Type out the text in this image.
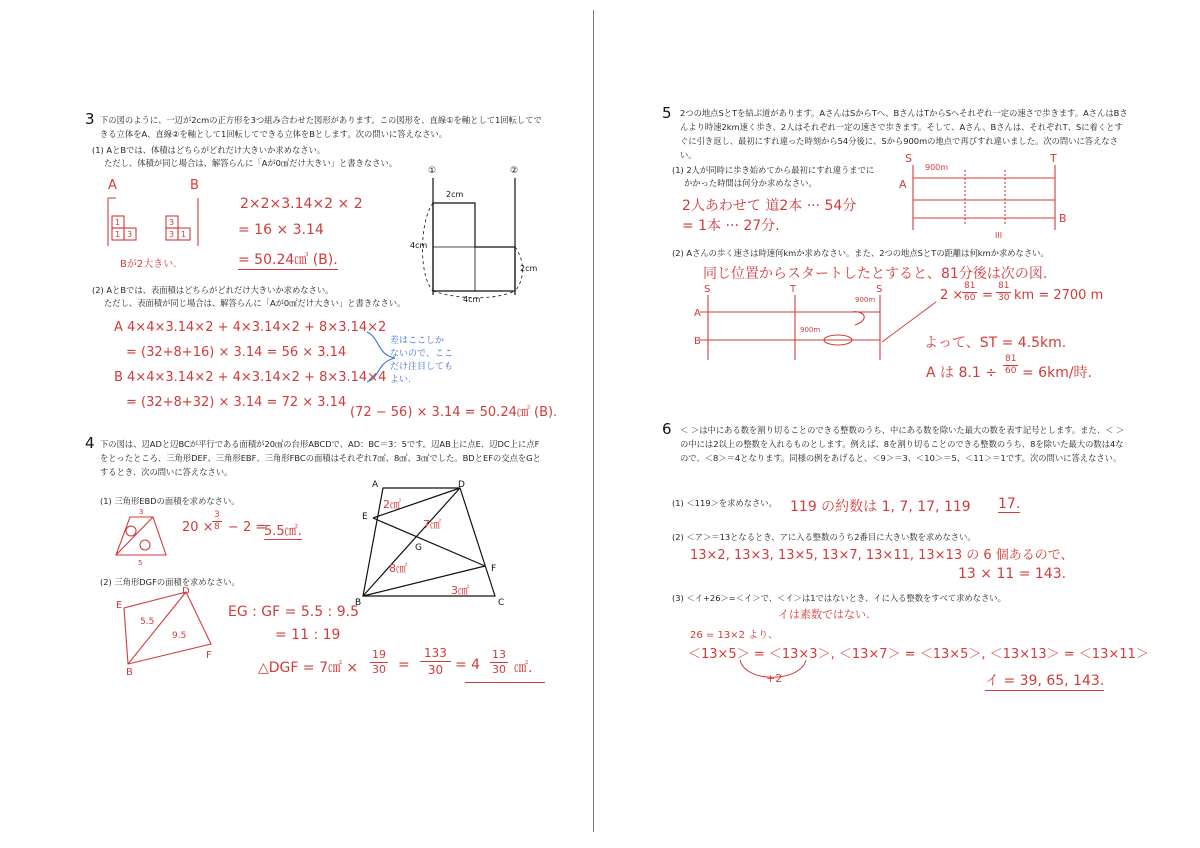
3 下の図のように、一辺が2cmの正方形を3つ組み合わせた図形があります。この図形を、直線①を軸として1回転してできる立体をA、直線②を軸として1回転してできる立体をBとします。次の問いに答えなさい。
(1) AとBでは、体積はどちらがどれだけ大きいか求めなさい。
ただし、体積が同じ場合は、解答らんに「Aが0㎤だけ大きい」と書きなさい。
A	B
1
1 3
3
3 1
Bが2大きい.
2×2×3.14×2 × 2
= 16 × 3.14
= 50.24㎤ (B).
①	②
2cm
4cm
2cm
4cm
(2) AとBでは、表面積はどちらがどれだけ大きいか求めなさい。
ただし、表面積が同じ場合は、解答らんに「Aが0㎠だけ大きい」と書きなさい。
A 4×4×3.14×2 + 4×3.14×2 + 8×3.14×2
= (32+8+16) × 3.14 = 56 × 3.14
B 4×4×3.14×2 + 4×3.14×2 + 8×3.14×4
= (32+8+32) × 3.14 = 72 × 3.14
(72 − 56) × 3.14 = 50.24㎠ (B).
差はここしか
ないので、ここ
だけ注目しても
よい.
4 下の図は、辺ADと辺BCが平行である面積が20㎠の台形ABCDで、AD：BC＝3：5です。辺AB上に点E、辺DC上に点Fをとったところ、三角形DEF、三角形EBF、三角形FBCの面積はそれぞれ7㎠、8㎠、3㎠でした。BDとEFの交点をGとするとき、次の問いに答えなさい。
(1) 三角形EBDの面積を求めなさい。
3
5
20 ×
3
8 − 2 =
5.5㎠.
A	D
E
G
F
B	C
2㎠
7㎠
8㎠
3㎠
(2) 三角形DGFの面積を求めなさい。
E
D
B
F
5.5
9.5
EG : GF = 5.5 : 9.5
= 11 : 19
△DGF = 7㎠ ×
19
30 =
133
30 = 4
13
30 ㎠.
5 2つの地点SとTを結ぶ道があります。AさんはSからTへ、BさんはTからSへそれぞれ一定の速さで歩きます。AさんはBさんより時速2km速く歩き、2人はそれぞれ一定の速さで歩きます。そして、Aさん、Bさんは、それぞれT、Sに着くとすぐに引き返し、最初にすれ違った時刻から54分後に、Sから900mの地点で再びすれ違いました。次の問いに答えなさい。
(1) 2人が同時に歩き始めてから最初にすれ違うまでに
かかった時間は何分か求めなさい。
S	T
900m
A
B
III
2人あわせて 道2本 ··· 54分
= 1本 ··· 27分.
(2) Aさんの歩く速さは時速何kmか求めなさい。また、2つの地点SとTの距離は何kmか求めなさい。
同じ位置からスタートしたとすると、81分後は次の図.
S	T	S
900m
900m
A
B
2 ×
81
60 =
81
30 km = 2700 m
よって、ST = 4.5km.
A は 8.1 ÷
81
60 = 6km/時.
6 ＜ ＞は中にある数を割り切ることのできる整数のうち、中にある数を除いた最大の数を表す記号とします。また、＜ ＞の中には2以上の整数を入れるものとします。例えば、8を割り切ることのできる整数のうち、8を除いた最大の数は4なので、＜8＞＝4となります。同様の例をあげると、＜9＞＝3、＜10＞＝5、＜11＞＝1です。次の問いに答えなさい。
(1) ＜119＞を求めなさい。 119 の約数は 1, 7, 17, 119 17.
(2) ＜ア＞＝13となるとき、アに入る整数のうち2番目に大きい数を求めなさい。
13×2, 13×3, 13×5, 13×7, 13×11, 13×13 の 6 個あるので、
13 × 11 = 143.
(3) ＜イ+26＞=＜イ＞で、＜イ＞は1ではないとき、イに入る整数をすべて求めなさい。
イは素数ではない.
26 = 13×2 より、
＜13×5＞ = ＜13×3＞, ＜13×7＞ = ＜13×5＞, ＜13×13＞ = ＜13×11＞
+2	イ = 39, 65, 143.
